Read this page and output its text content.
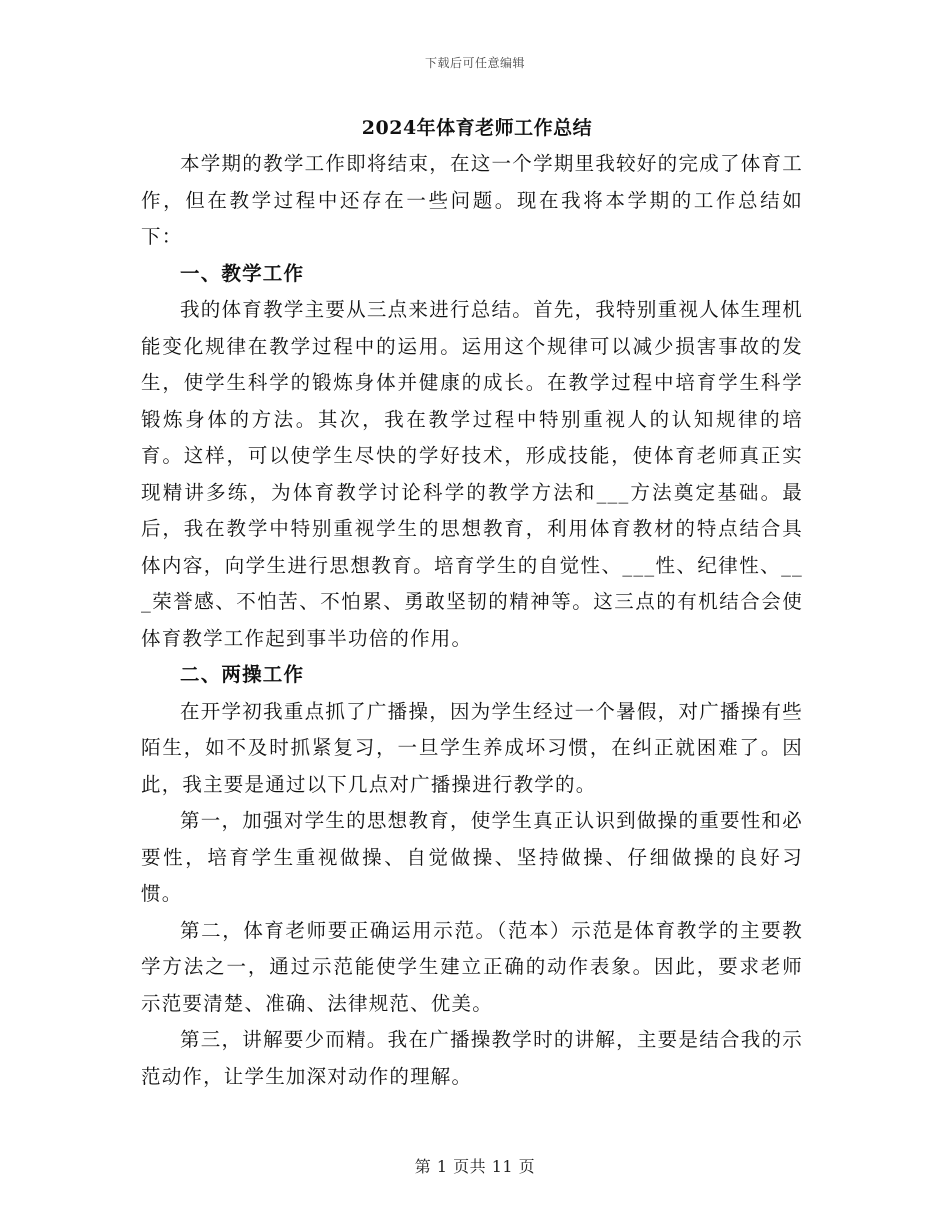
下载后可任意编辑
2024年体育老师工作总结

本学期的教学工作即将结束，在这一个学期里我较好的完成了体育工作，但在教学过程中还存在一些问题。现在我将本学期的工作总结如下：

一、教学工作

我的体育教学主要从三点来进行总结。首先，我特别重视人体生理机能变化规律在教学过程中的运用。运用这个规律可以减少损害事故的发生，使学生科学的锻炼身体并健康的成长。在教学过程中培育学生科学锻炼身体的方法。其次，我在教学过程中特别重视人的认知规律的培育。这样，可以使学生尽快的学好技术，形成技能，使体育老师真正实现精讲多练，为体育教学讨论科学的教学方法和___方法奠定基础。最后，我在教学中特别重视学生的思想教育，利用体育教材的特点结合具体内容，向学生进行思想教育。培育学生的自觉性、___性、纪律性、___荣誉感、不怕苦、不怕累、勇敢坚韧的精神等。这三点的有机结合会使体育教学工作起到事半功倍的作用。

二、两操工作

在开学初我重点抓了广播操，因为学生经过一个暑假，对广播操有些陌生，如不及时抓紧复习，一旦学生养成坏习惯，在纠正就困难了。因此，我主要是通过以下几点对广播操进行教学的。

第一，加强对学生的思想教育，使学生真正认识到做操的重要性和必要性，培育学生重视做操、自觉做操、坚持做操、仔细做操的良好习惯。

第二，体育老师要正确运用示范。（范本）示范是体育教学的主要教学方法之一，通过示范能使学生建立正确的动作表象。因此，要求老师示范要清楚、准确、法律规范、优美。

第三，讲解要少而精。我在广播操教学时的讲解，主要是结合我的示范动作，让学生加深对动作的理解。

第 1 页共 11 页
